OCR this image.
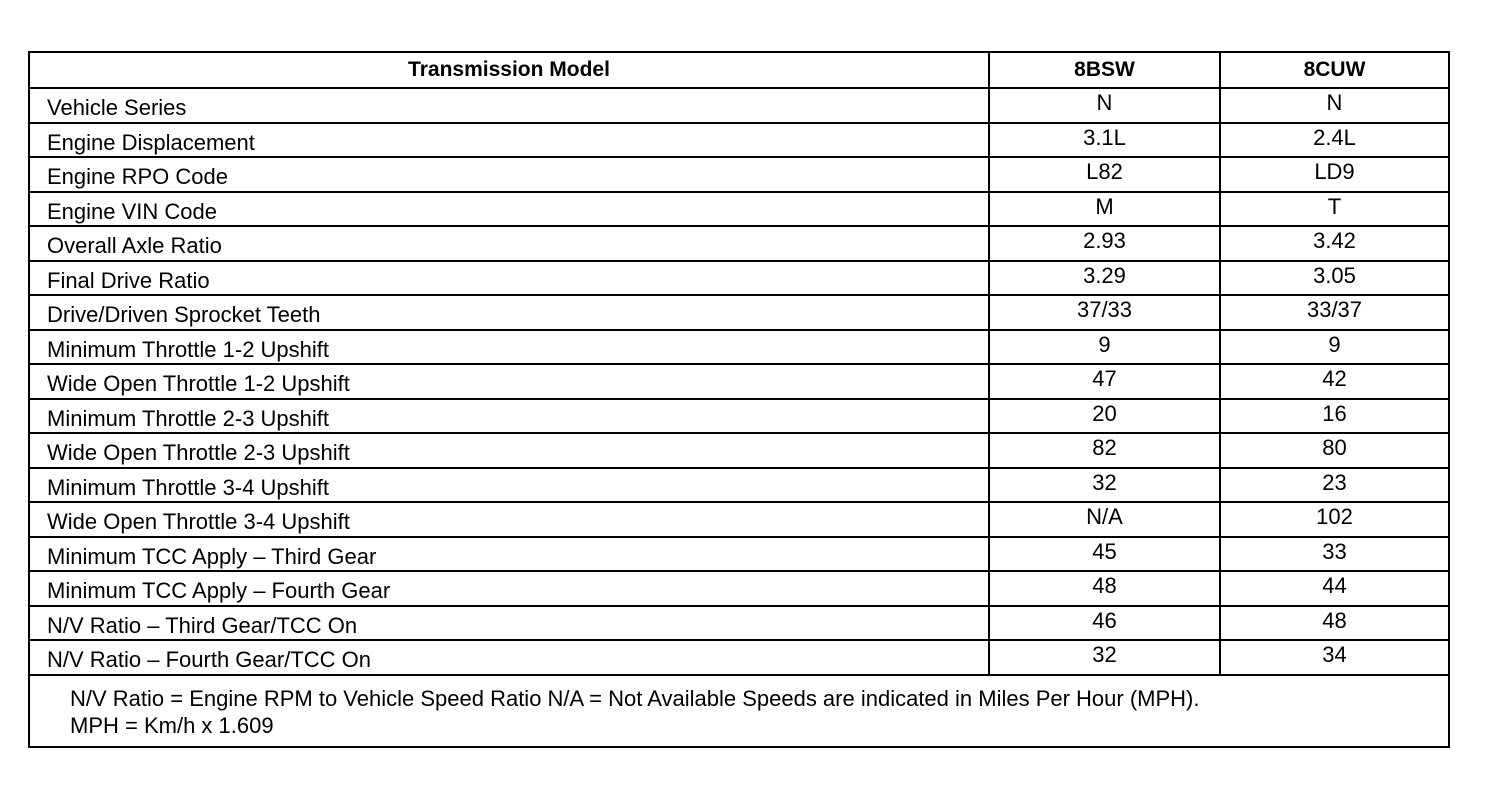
Transmission Model	8BSW	8CUW
Vehicle Series	N	N
Engine Displacement	3.1L	2.4L
Engine RPO Code	L82	LD9
Engine VIN Code	M	T
Overall Axle Ratio	2.93	3.42
Final Drive Ratio	3.29	3.05
Drive/Driven Sprocket Teeth	37/33	33/37
Minimum Throttle 1-2 Upshift	9	9
Wide Open Throttle 1-2 Upshift	47	42
Minimum Throttle 2-3 Upshift	20	16
Wide Open Throttle 2-3 Upshift	82	80
Minimum Throttle 3-4 Upshift	32	23
Wide Open Throttle 3-4 Upshift	N/A	102
Minimum TCC Apply – Third Gear	45	33
Minimum TCC Apply – Fourth Gear	48	44
N/V Ratio – Third Gear/TCC On	46	48
N/V Ratio – Fourth Gear/TCC On	32	34

N/V Ratio = Engine RPM to Vehicle Speed Ratio N/A = Not Available Speeds are indicated in Miles Per Hour (MPH).
MPH = Km/h x 1.609		
